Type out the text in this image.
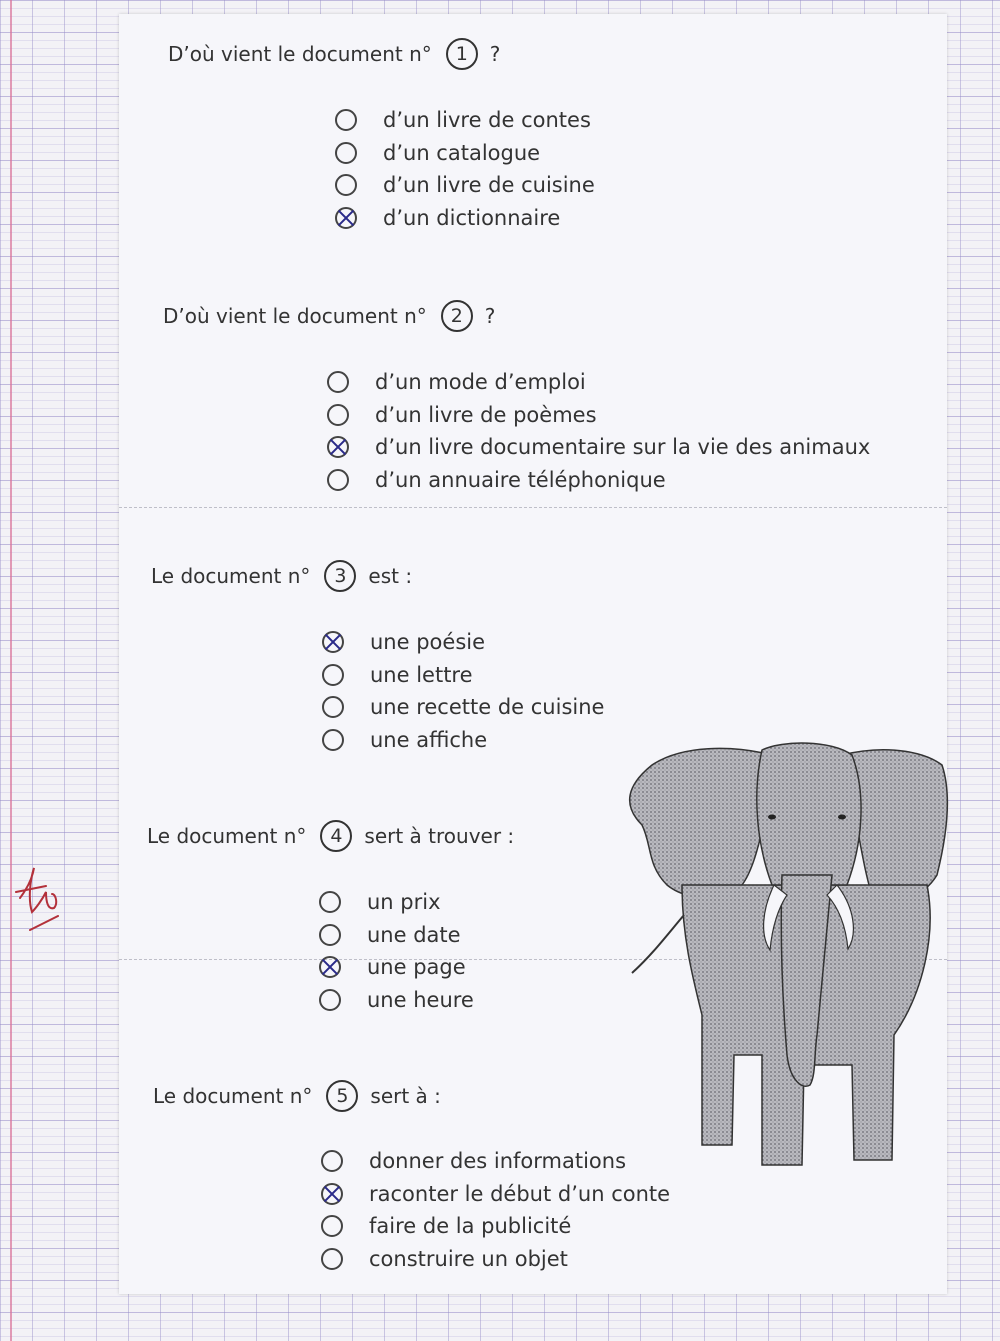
D’où vient le document n°	1	?
d’un livre de contes
d’un catalogue
d’un livre de cuisine
d’un dictionnaire
D’où vient le document n°	2	?
d’un mode d’emploi
d’un livre de poèmes
d’un livre documentaire sur la vie des animaux
d’un annuaire téléphonique
Le document n°	3	est :
une poésie
une lettre
une recette de cuisine
une affiche
Le document n°	4	sert à trouver :
un prix
une date
une page
une heure
Le document n°	5	sert à :
donner des informations
raconter le début d’un conte
faire de la publicité
construire un objet
